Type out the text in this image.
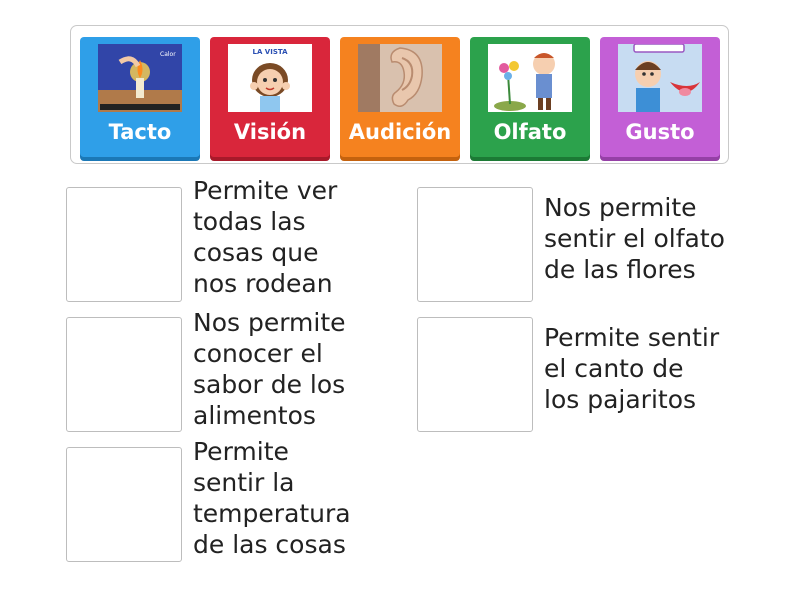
Calor
Tacto
LA VISTA
Visión	Audición	Olfato	Gusto
Permite ver
todas las
cosas que
nos rodean
Nos permite
conocer el
sabor de los
alimentos
Permite
sentir la
temperatura
de las cosas
Nos permite
sentir el olfato
de las flores
Permite sentir
el canto de
los pajaritos
